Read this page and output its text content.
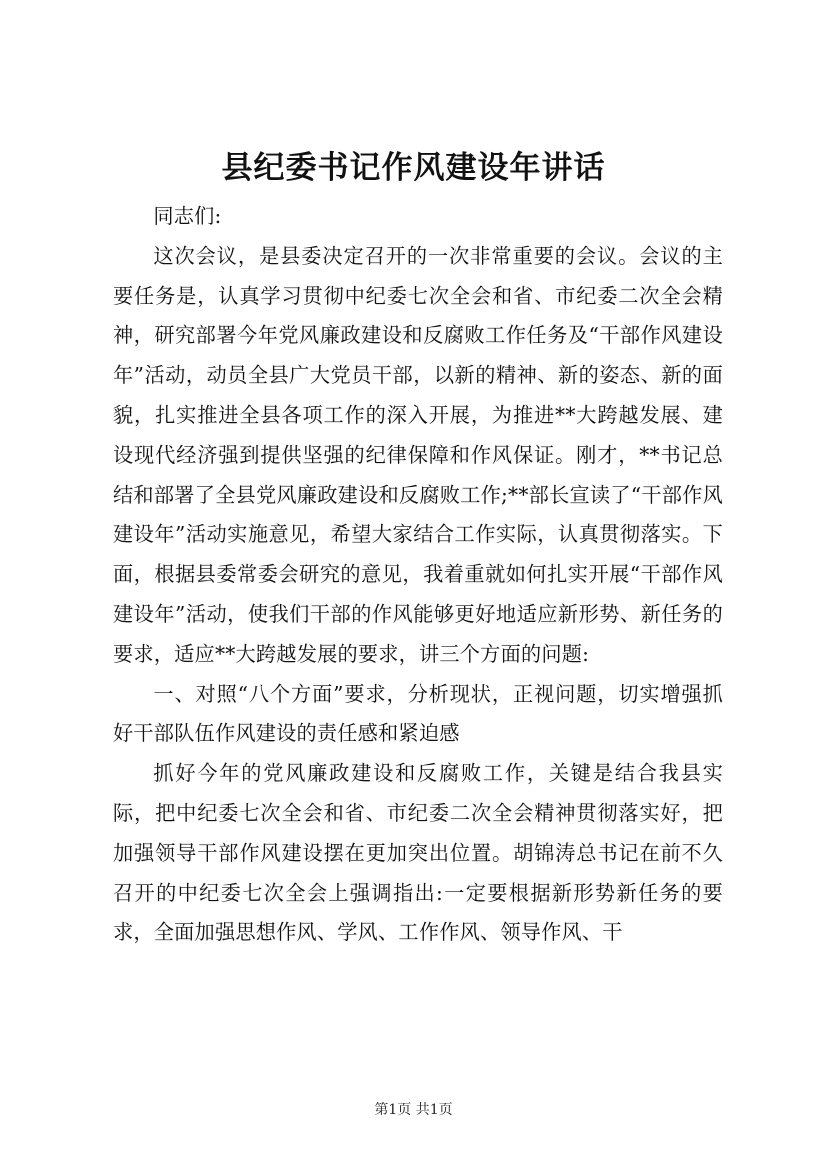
县纪委书记作风建设年讲话

同志们:

这次会议，是县委决定召开的一次非常重要的会议。会议的主要任务是，认真学习贯彻中纪委七次全会和省、市纪委二次全会精神，研究部署今年党风廉政建设和反腐败工作任务及“干部作风建设年”活动，动员全县广大党员干部，以新的精神、新的姿态、新的面貌，扎实推进全县各项工作的深入开展，为推进**大跨越发展、建设现代经济强到提供坚强的纪律保障和作风保证。刚才，**书记总结和部署了全县党风廉政建设和反腐败工作;**部长宣读了“干部作风建设年”活动实施意见，希望大家结合工作实际，认真贯彻落实。下面，根据县委常委会研究的意见，我着重就如何扎实开展“干部作风建设年”活动，使我们干部的作风能够更好地适应新形势、新任务的要求，适应**大跨越发展的要求，讲三个方面的问题:

一、对照“八个方面”要求，分析现状，正视问题，切实增强抓好干部队伍作风建设的责任感和紧迫感

抓好今年的党风廉政建设和反腐败工作，关键是结合我县实际，把中纪委七次全会和省、市纪委二次全会精神贯彻落实好，把加强领导干部作风建设摆在更加突出位置。胡锦涛总书记在前不久召开的中纪委七次全会上强调指出:一定要根据新形势新任务的要求，全面加强思想作风、学风、工作作风、领导作风、干

第1页 共1页
